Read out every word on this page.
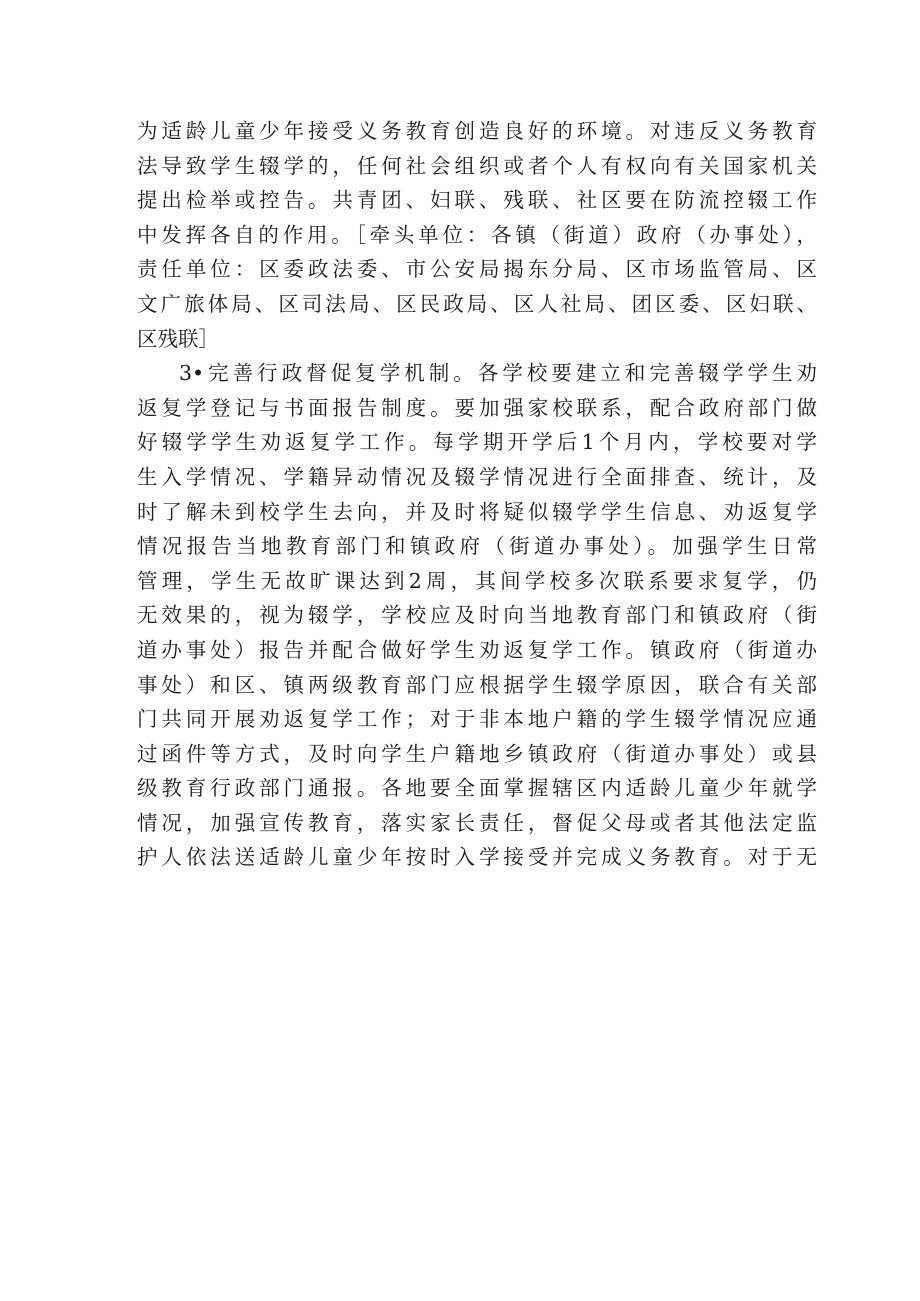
为适龄儿童少年接受义务教育创造良好的环境。对违反义务教育
法导致学生辍学的，任何社会组织或者个人有权向有关国家机关
提出检举或控告。共青团、妇联、残联、社区要在防流控辍工作
中发挥各自的作用。［牵头单位：各镇（街道）政府（办事处），
责任单位：区委政法委、市公安局揭东分局、区市场监管局、区
文广旅体局、区司法局、区民政局、区人社局、团区委、区妇联、
区残联］
3•完善行政督促复学机制。各学校要建立和完善辍学学生劝
返复学登记与书面报告制度。要加强家校联系，配合政府部门做
好辍学学生劝返复学工作。每学期开学后1个月内，学校要对学
生入学情况、学籍异动情况及辍学情况进行全面排查、统计，及
时了解未到校学生去向，并及时将疑似辍学学生信息、劝返复学
情况报告当地教育部门和镇政府（街道办事处）。加强学生日常
管理，学生无故旷课达到2周，其间学校多次联系要求复学，仍
无效果的，视为辍学，学校应及时向当地教育部门和镇政府（街
道办事处）报告并配合做好学生劝返复学工作。镇政府（街道办
事处）和区、镇两级教育部门应根据学生辍学原因，联合有关部
门共同开展劝返复学工作；对于非本地户籍的学生辍学情况应通
过函件等方式，及时向学生户籍地乡镇政府（街道办事处）或县
级教育行政部门通报。各地要全面掌握辖区内适龄儿童少年就学
情况，加强宣传教育，落实家长责任，督促父母或者其他法定监
护人依法送适龄儿童少年按时入学接受并完成义务教育。对于无
